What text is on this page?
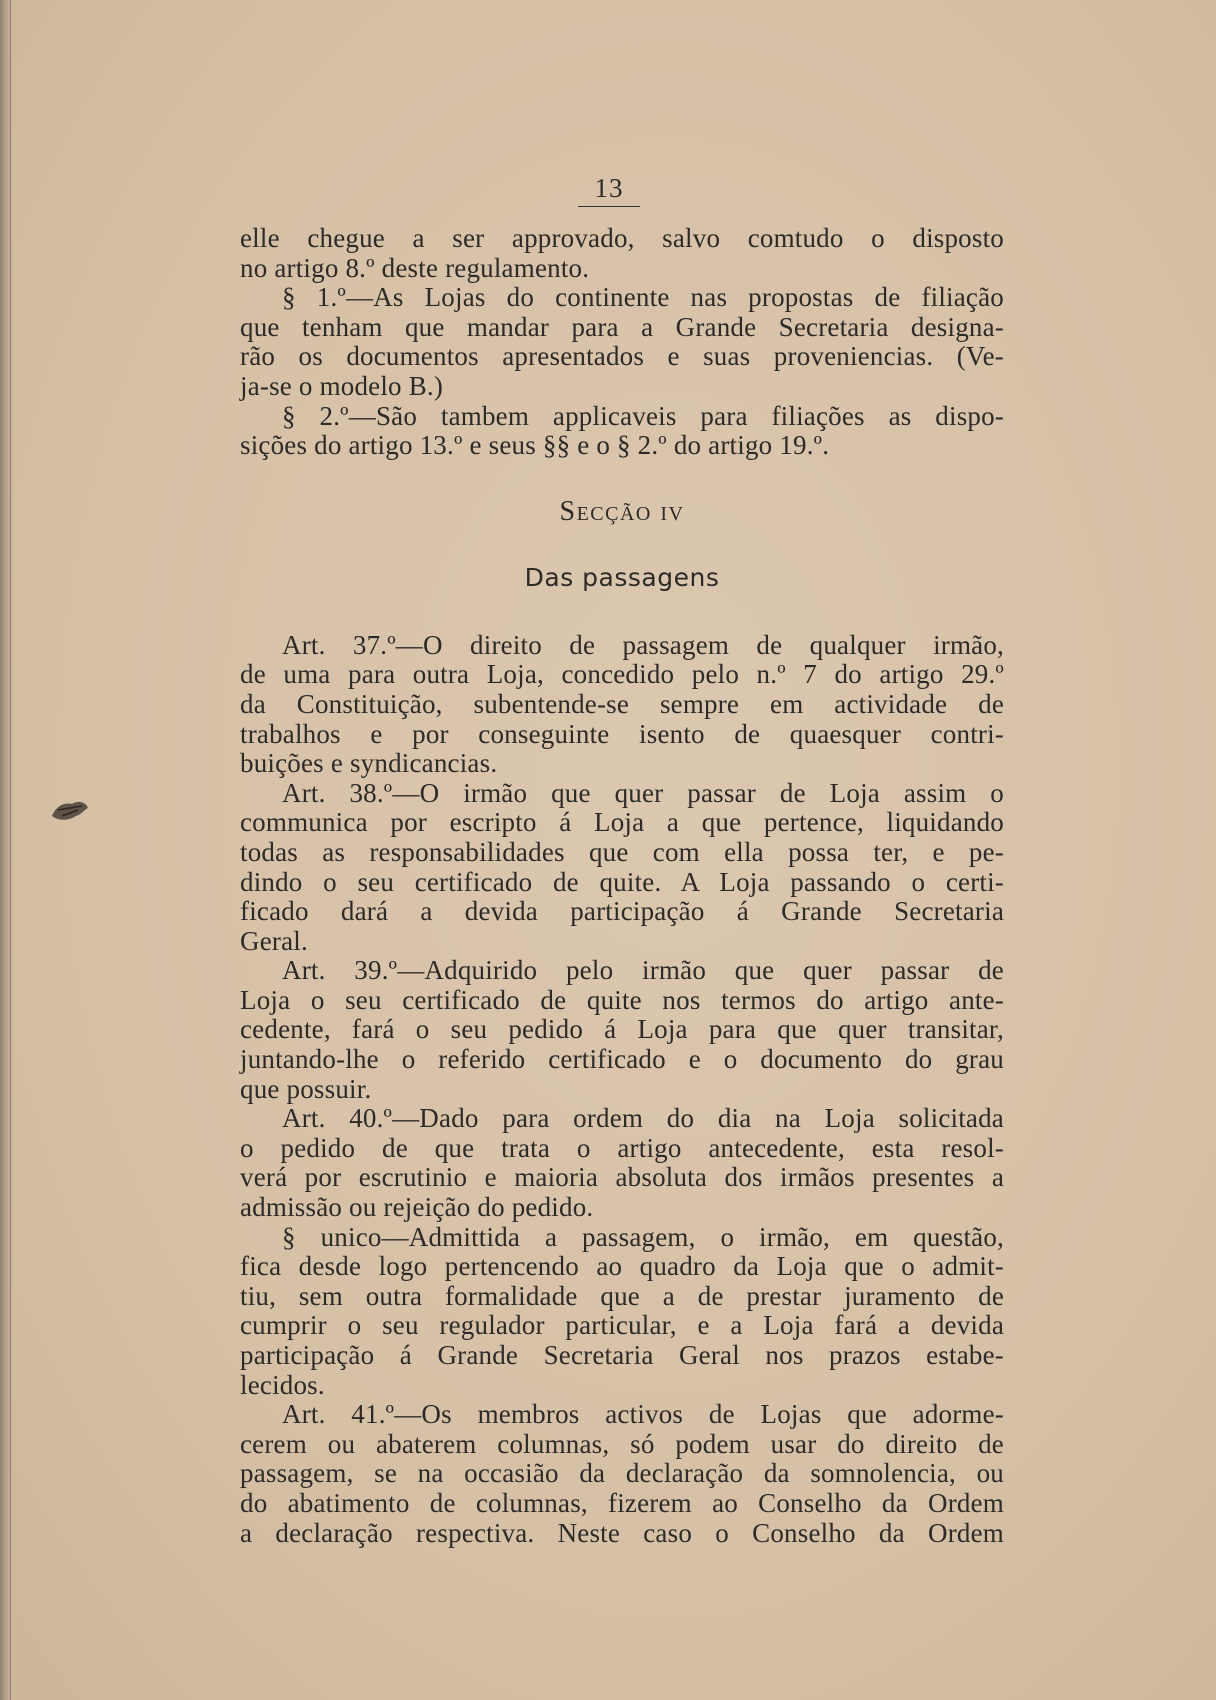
13
elle chegue a ser approvado, salvo comtudo o disposto
no artigo 8.º deste regulamento.
§ 1.º—As Lojas do continente nas propostas de filiação
que tenham que mandar para a Grande Secretaria designa-
rão os documentos apresentados e suas proveniencias. (Ve-
ja-se o modelo B.)
§ 2.º—São tambem applicaveis para filiações as dispo-
sições do artigo 13.º e seus §§ e o § 2.º do artigo 19.º.
Secção iv
Das passagens
Art. 37.º—O direito de passagem de qualquer irmão,
de uma para outra Loja, concedido pelo n.º 7 do artigo 29.º
da Constituição, subentende-se sempre em actividade de
trabalhos e por conseguinte isento de quaesquer contri-
buições e syndicancias.
Art. 38.º—O irmão que quer passar de Loja assim o
communica por escripto á Loja a que pertence, liquidando
todas as responsabilidades que com ella possa ter, e pe-
dindo o seu certificado de quite. A Loja passando o certi-
ficado dará a devida participação á Grande Secretaria
Geral.
Art. 39.º—Adquirido pelo irmão que quer passar de
Loja o seu certificado de quite nos termos do artigo ante-
cedente, fará o seu pedido á Loja para que quer transitar,
juntando-lhe o referido certificado e o documento do grau
que possuir.
Art. 40.º—Dado para ordem do dia na Loja solicitada
o pedido de que trata o artigo antecedente, esta resol-
verá por escrutinio e maioria absoluta dos irmãos presentes a
admissão ou rejeição do pedido.
§ unico—Admittida a passagem, o irmão, em questão,
fica desde logo pertencendo ao quadro da Loja que o admit-
tiu, sem outra formalidade que a de prestar juramento de
cumprir o seu regulador particular, e a Loja fará a devida
participação á Grande Secretaria Geral nos prazos estabe-
lecidos.
Art. 41.º—Os membros activos de Lojas que adorme-
cerem ou abaterem columnas, só podem usar do direito de
passagem, se na occasião da declaração da somnolencia, ou
do abatimento de columnas, fizerem ao Conselho da Ordem
a declaração respectiva. Neste caso o Conselho da Ordem
